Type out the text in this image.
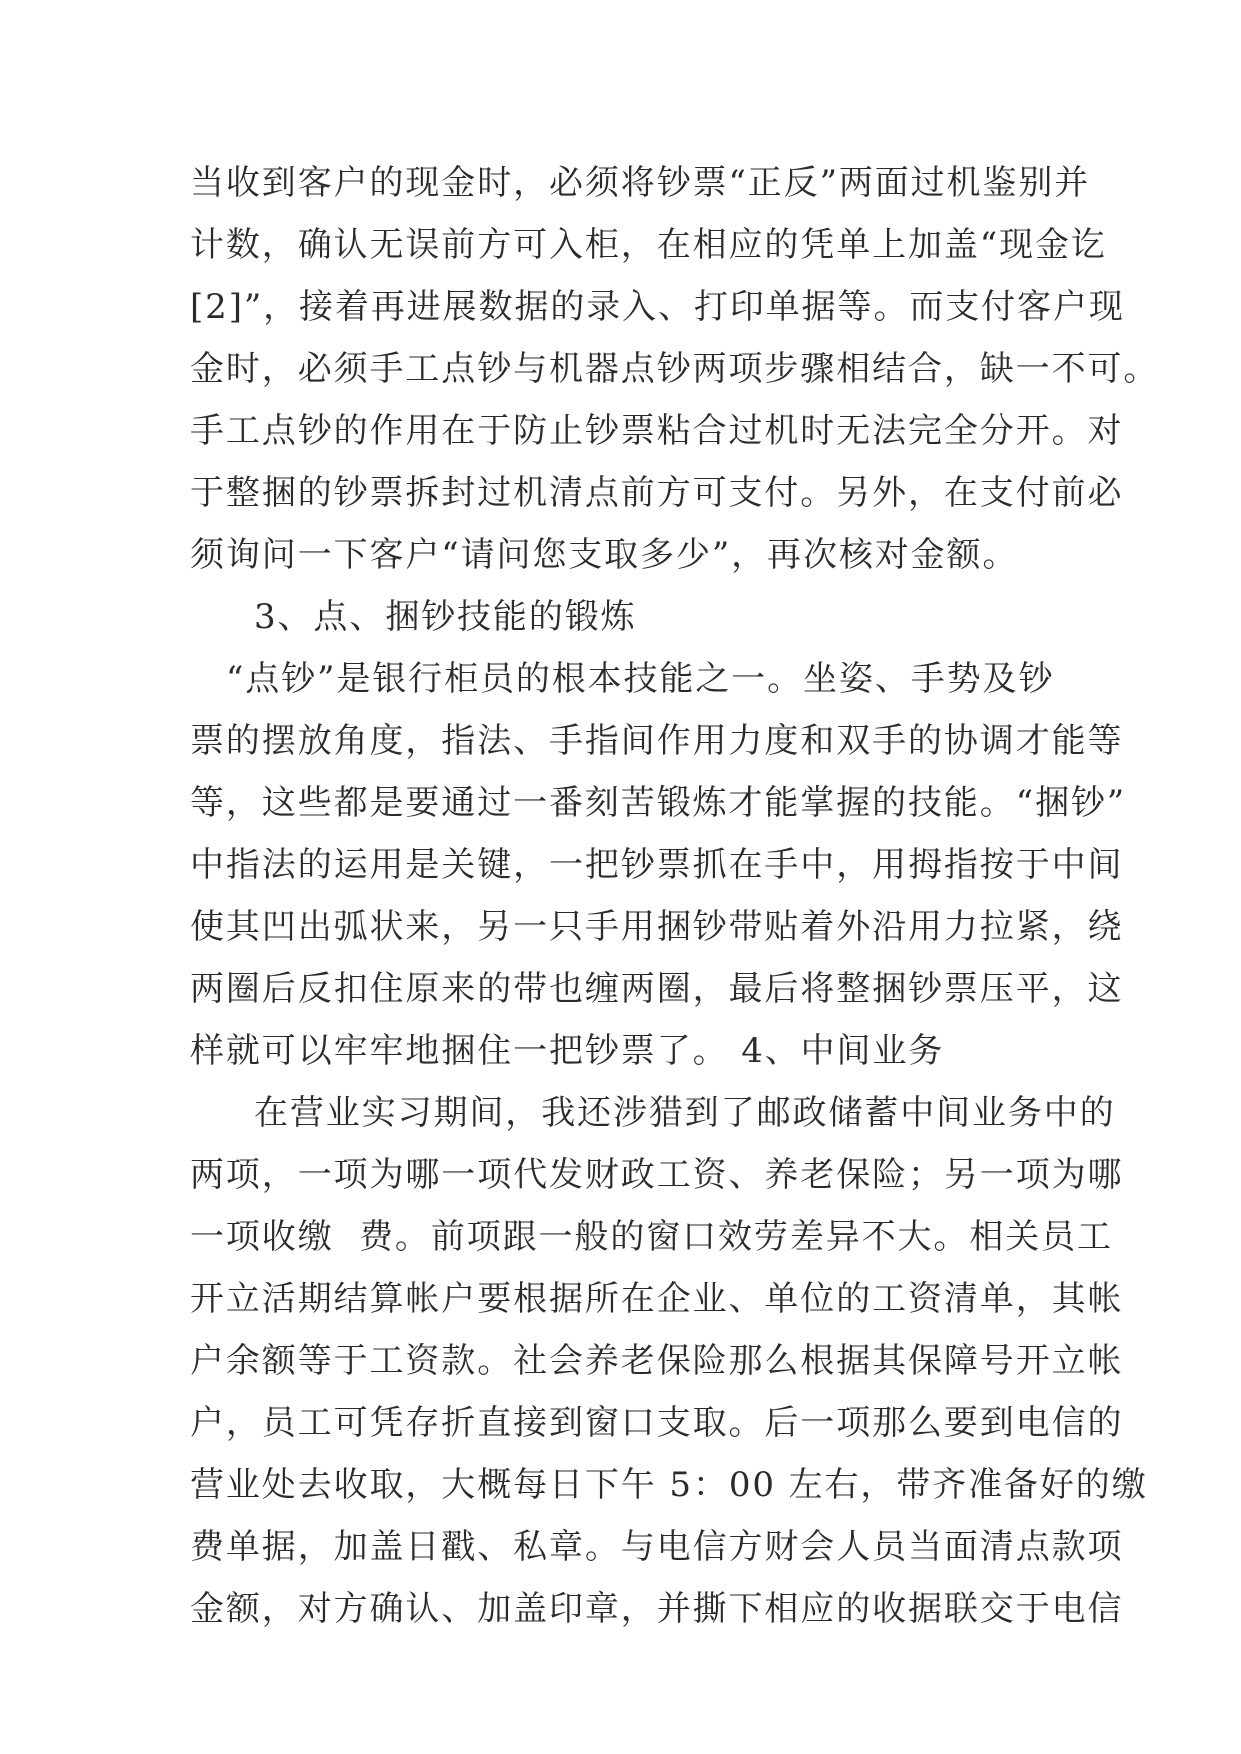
当收到客户的现金时，必须将钞票“正反”两面过机鉴别并
计数，确认无误前方可入柜，在相应的凭单上加盖“现金讫
[2]”，接着再进展数据的录入、打印单据等。而支付客户现
金时，必须手工点钞与机器点钞两项步骤相结合，缺一不可。
手工点钞的作用在于防止钞票粘合过机时无法完全分开。对
于整捆的钞票拆封过机清点前方可支付。另外，在支付前必
须询问一下客户“请问您支取多少”，再次核对金额。
3、点、捆钞技能的锻炼
“点钞”是银行柜员的根本技能之一。坐姿、手势及钞
票的摆放角度，指法、手指间作用力度和双手的协调才能等
等，这些都是要通过一番刻苦锻炼才能掌握的技能。“捆钞”
中指法的运用是关键，一把钞票抓在手中，用拇指按于中间
使其凹出弧状来，另一只手用捆钞带贴着外沿用力拉紧，绕
两圈后反扣住原来的带也缠两圈，最后将整捆钞票压平，这
样就可以牢牢地捆住一把钞票了。 4、中间业务
在营业实习期间，我还涉猎到了邮政储蓄中间业务中的
两项，一项为哪一项代发财政工资、养老保险；另一项为哪
一项收缴  费。前项跟一般的窗口效劳差异不大。相关员工
开立活期结算帐户要根据所在企业、单位的工资清单，其帐
户余额等于工资款。社会养老保险那么根据其保障号开立帐
户，员工可凭存折直接到窗口支取。后一项那么要到电信的
营业处去收取，大概每日下午 5：00 左右，带齐准备好的缴
费单据，加盖日戳、私章。与电信方财会人员当面清点款项
金额，对方确认、加盖印章，并撕下相应的收据联交于电信
